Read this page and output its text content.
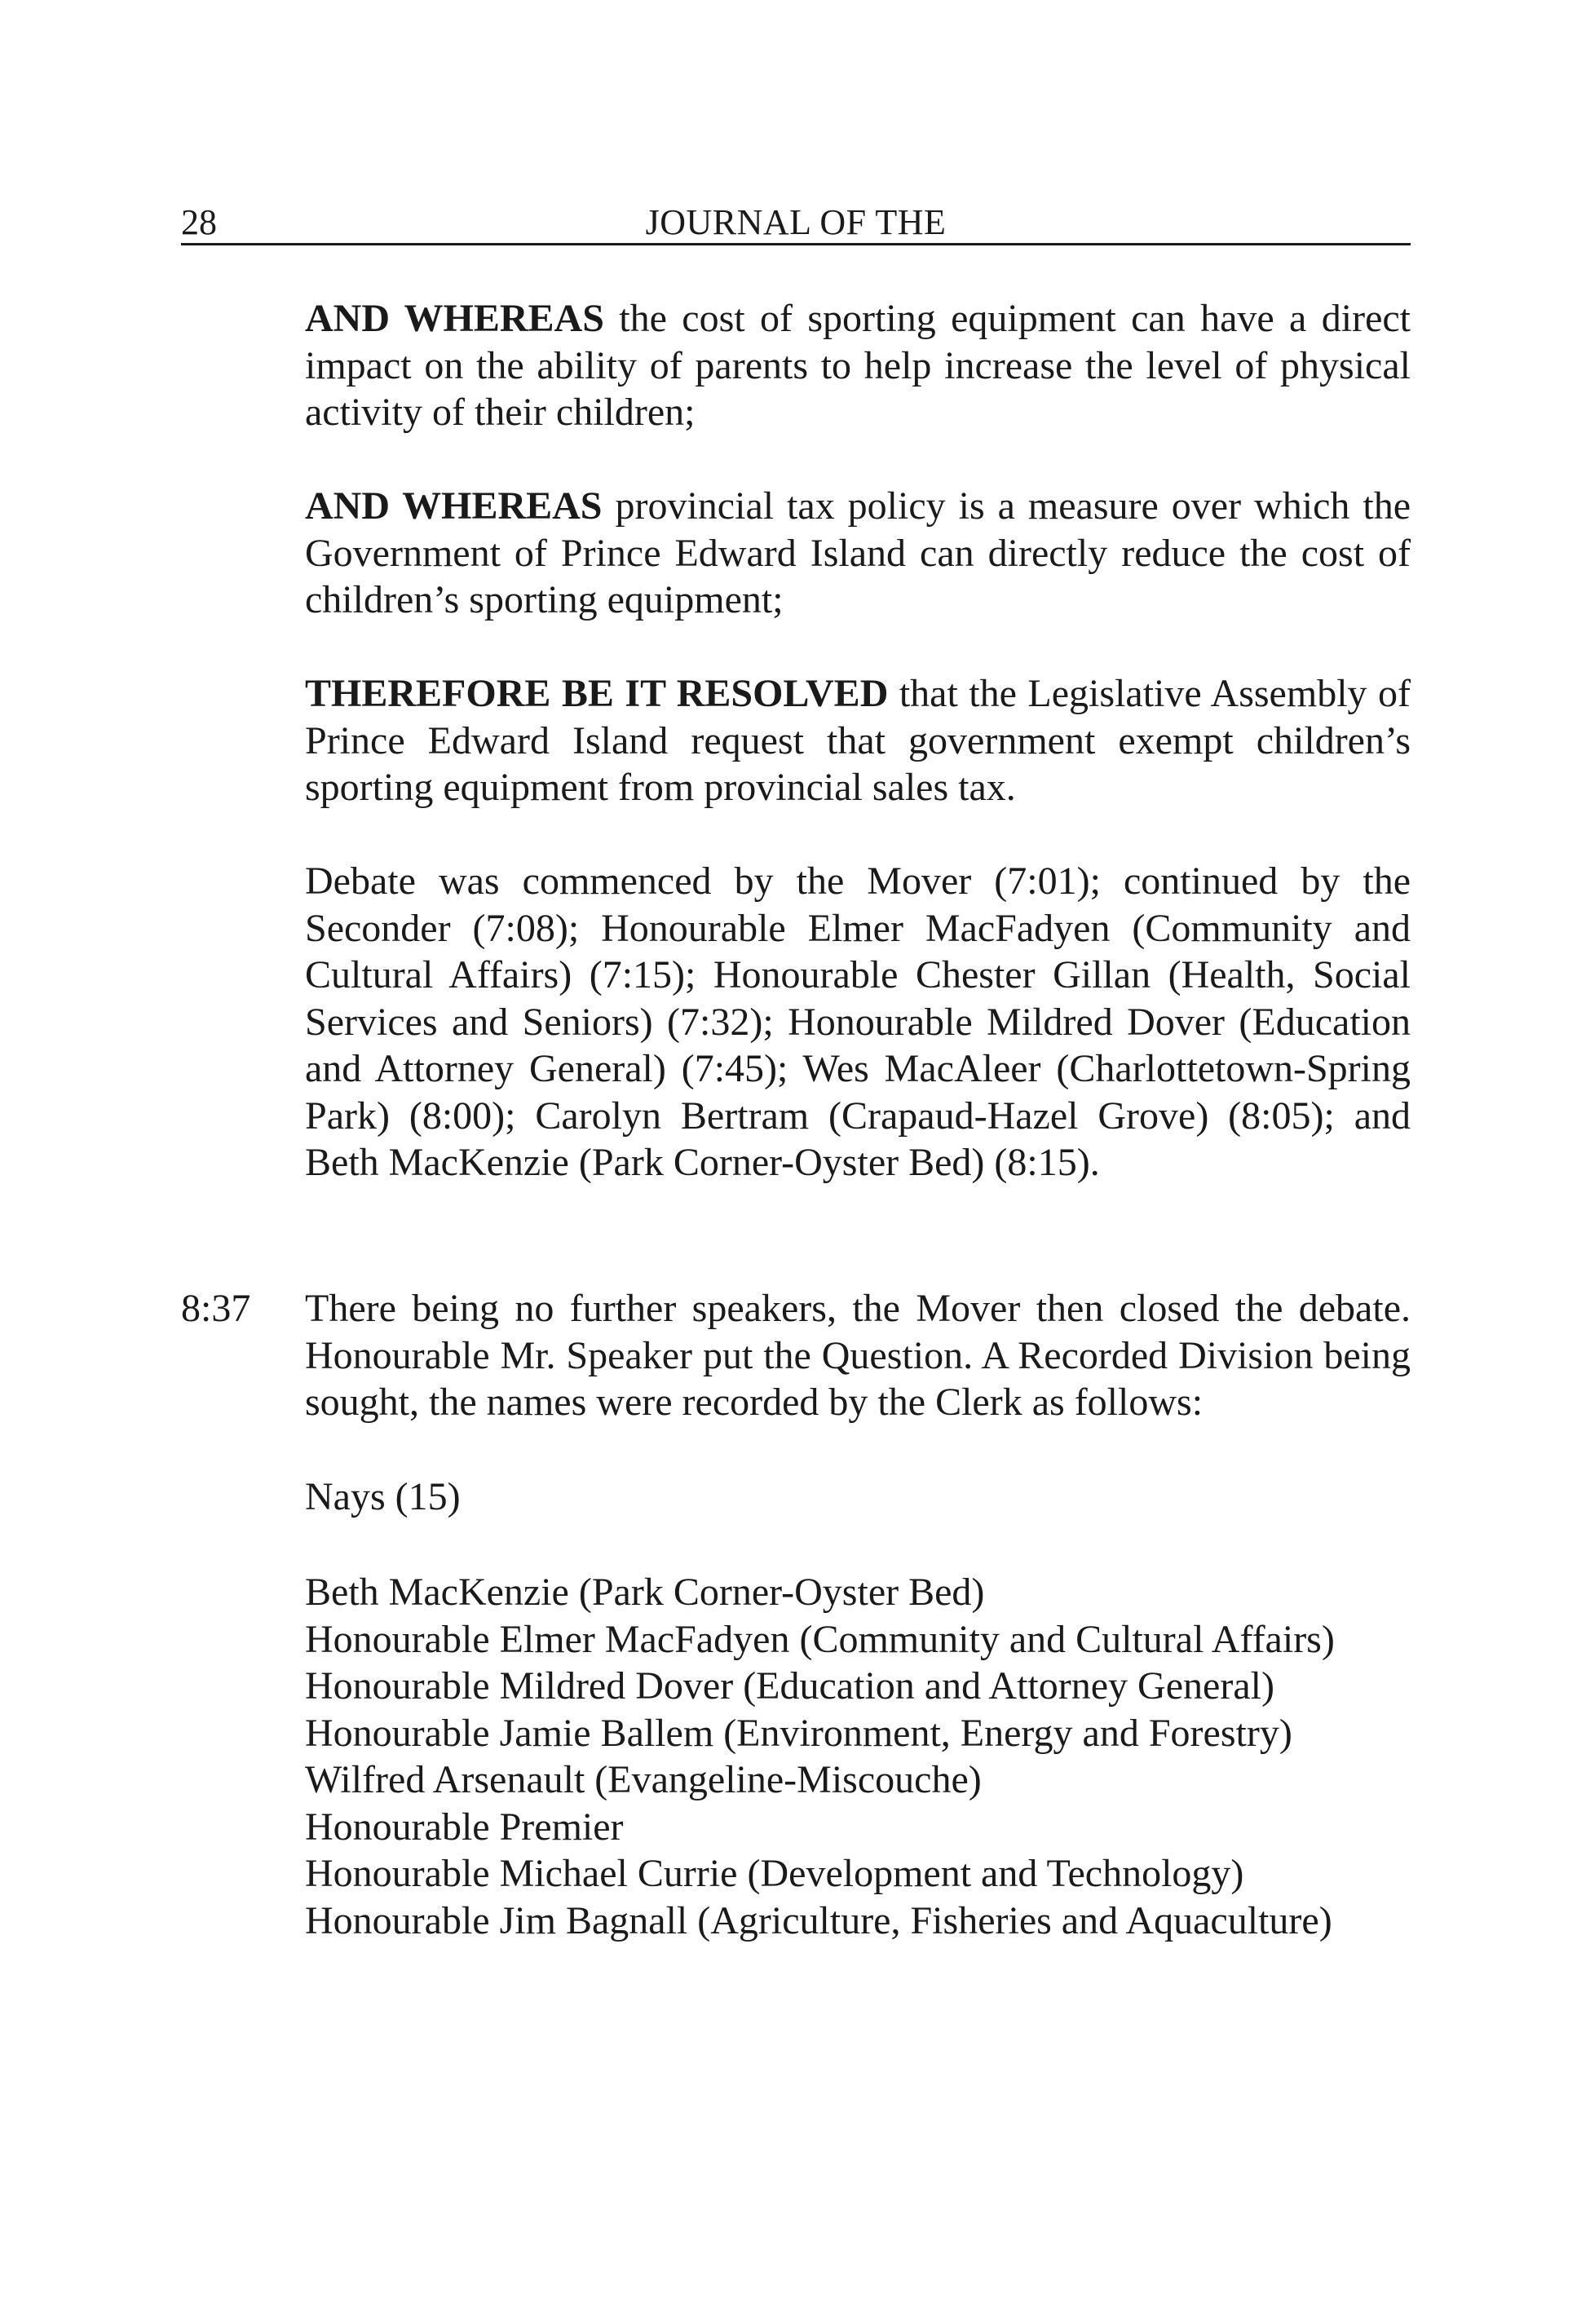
28	JOURNAL OF THE

AND WHEREAS the cost of sporting equipment can have a direct impact on the ability of parents to help increase the level of physical activity of their children;

AND WHEREAS provincial tax policy is a measure over which the Government of Prince Edward Island can directly reduce the cost of children’s sporting equipment;

THEREFORE BE IT RESOLVED that the Legislative Assembly of Prince Edward Island request that government exempt children’s sporting equipment from provincial sales tax.

Debate was commenced by the Mover (7:01); continued by the Seconder (7:08); Honourable Elmer MacFadyen (Community and Cultural Affairs) (7:15); Honourable Chester Gillan (Health, Social Services and Seniors) (7:32); Honourable Mildred Dover (Education and Attorney General) (7:45); Wes MacAleer (Charlottetown-Spring Park) (8:00); Carolyn Bertram (Crapaud-Hazel Grove) (8:05); and Beth MacKenzie (Park Corner-Oyster Bed) (8:15).

8:37 There being no further speakers, the Mover then closed the debate. Honourable Mr. Speaker put the Question. A Recorded Division being sought, the names were recorded by the Clerk as follows:

Nays (15)
Beth MacKenzie (Park Corner-Oyster Bed)
Honourable Elmer MacFadyen (Community and Cultural Affairs)
Honourable Mildred Dover (Education and Attorney General)
Honourable Jamie Ballem (Environment, Energy and Forestry)
Wilfred Arsenault (Evangeline-Miscouche)
Honourable Premier
Honourable Michael Currie (Development and Technology)
Honourable Jim Bagnall (Agriculture, Fisheries and Aquaculture)
